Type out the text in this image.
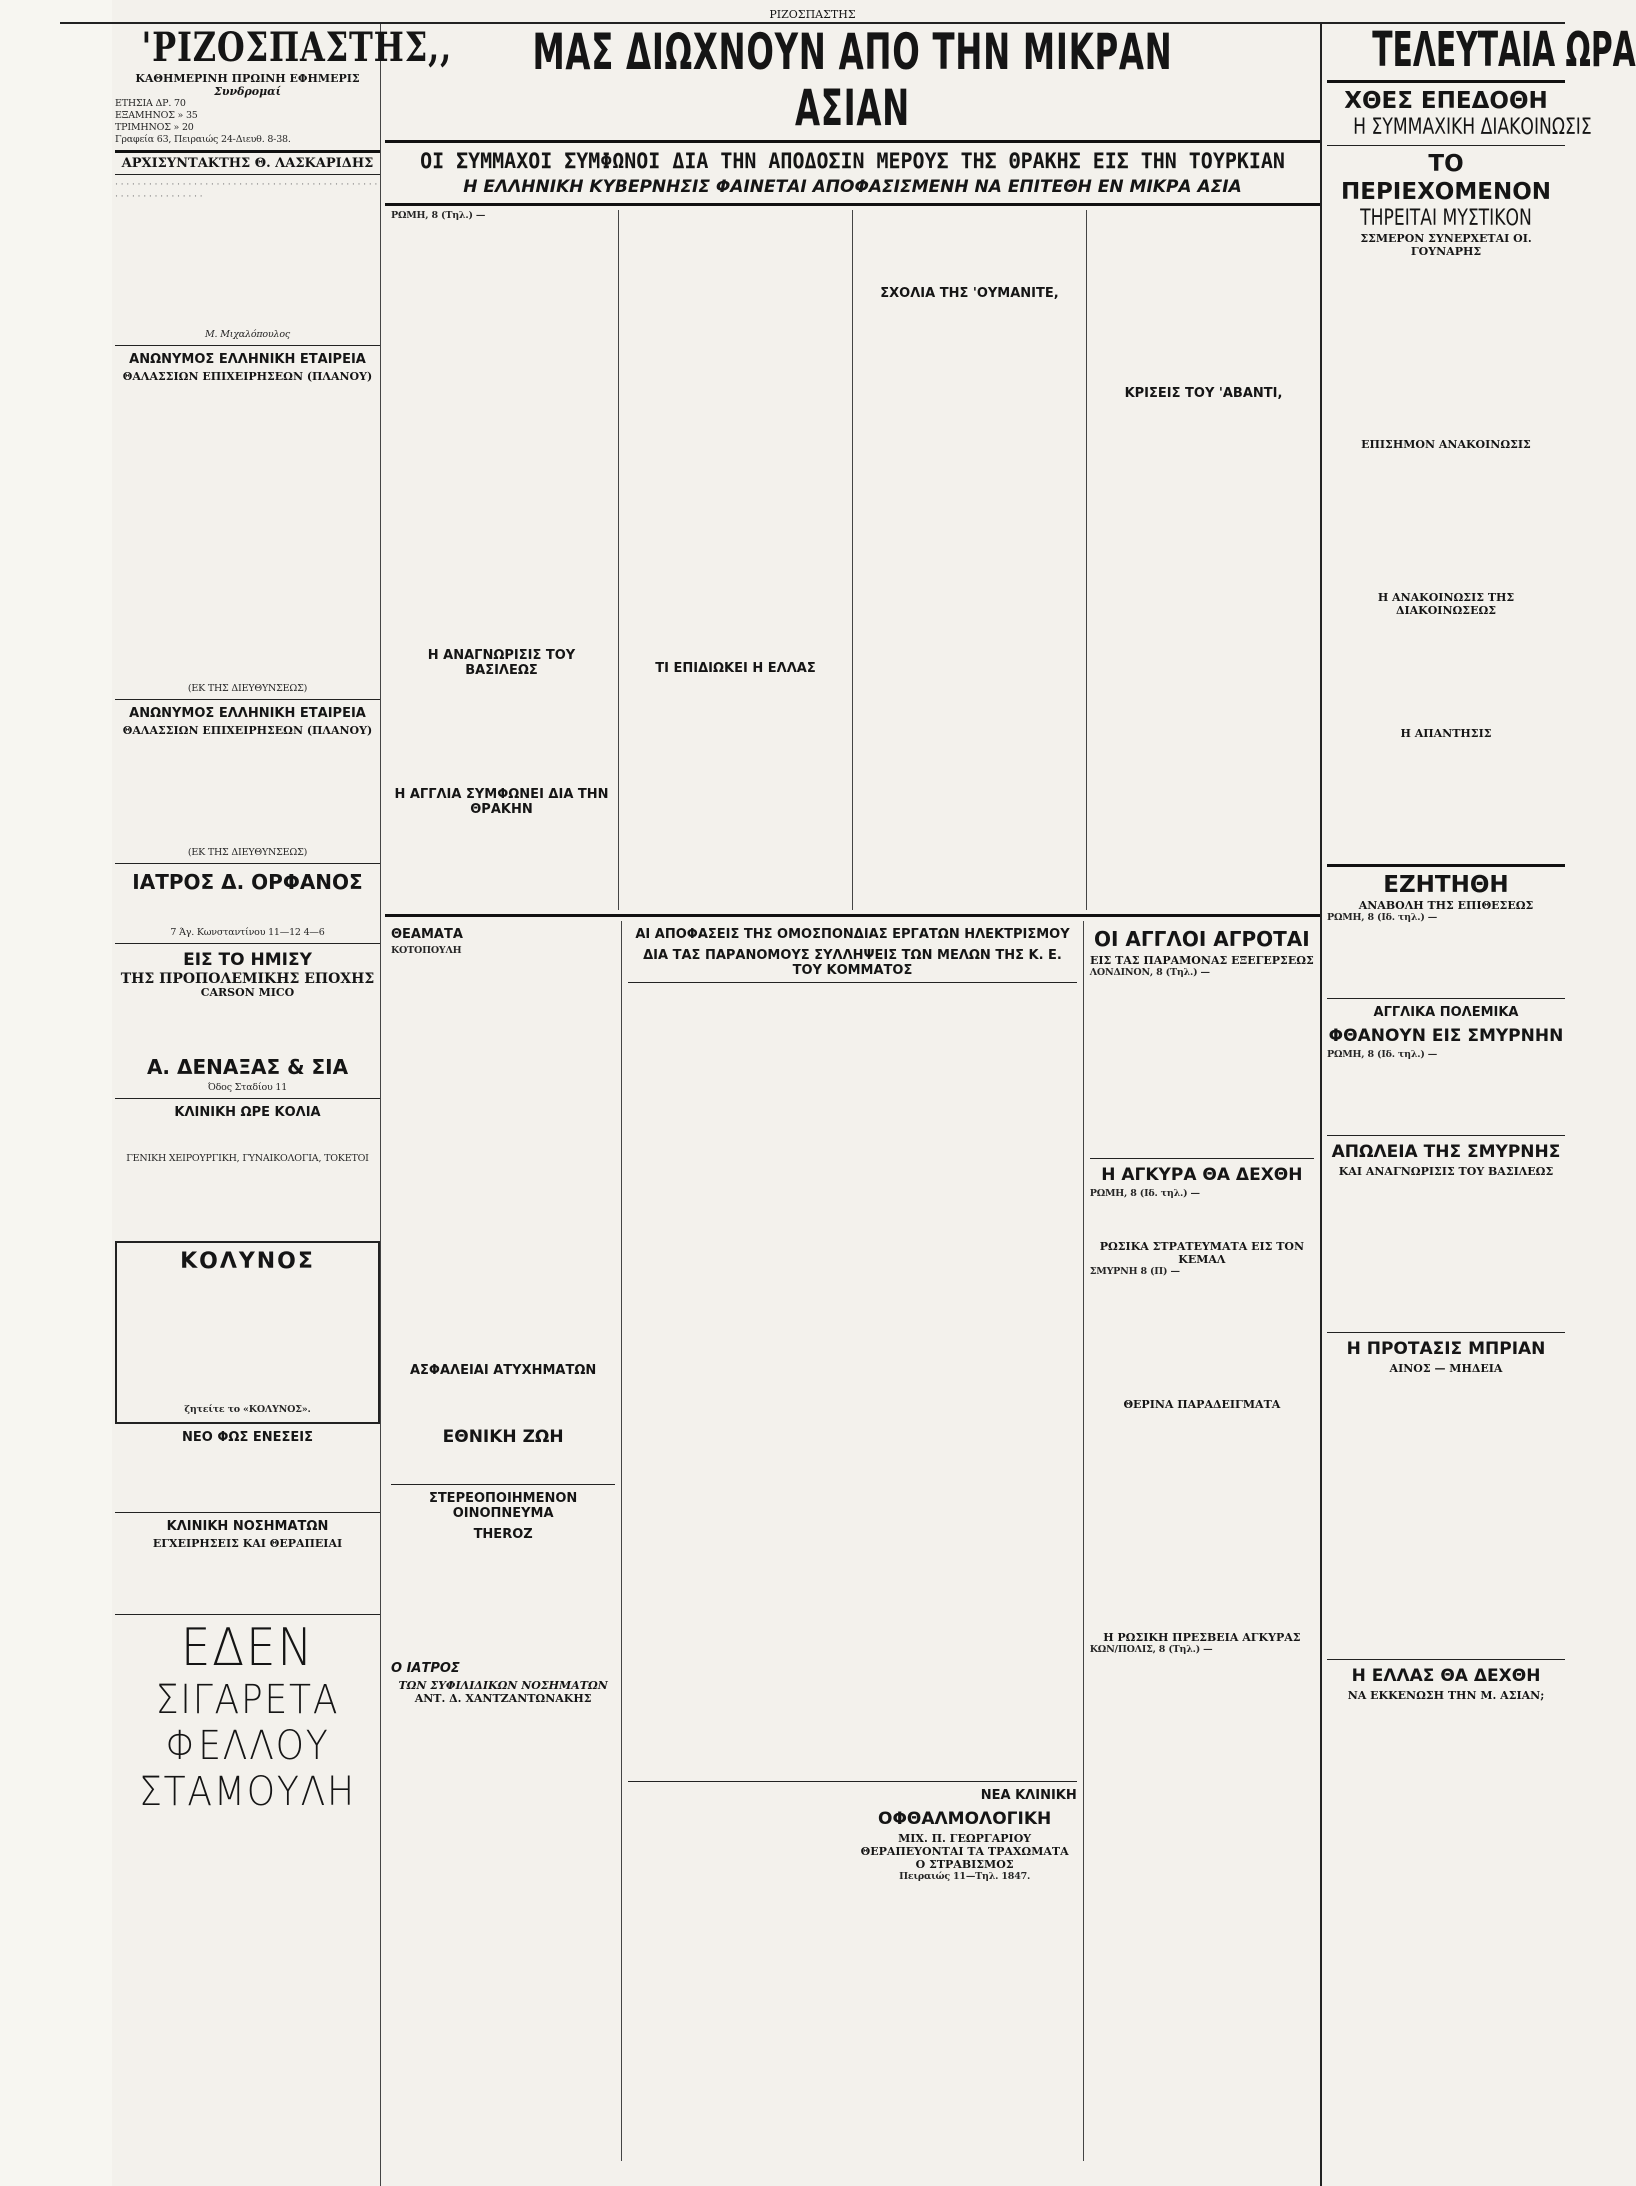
ΡΙΖΟΣΠΑΣΤΗΣ
'ΡΙΖΟΣΠΑΣΤΗΣ,,
ΚΑΘΗΜΕΡΙΝΗ ΠΡΩΙΝΗ ΕΦΗΜΕΡΙΣ
Συνδρομαί
ΕΤΗΣΙΑ ΔΡ. 70
ΕΞΑΜΗΝΟΣ » 35
ΤΡΙΜΗΝΟΣ » 20
Γραφεία 63, Πειραιώς 24-Διευθ. 8-38.
ΑΡΧΙΣΥΝΤΑΚΤΗΣ Θ. ΛΑΣΚΑΡΙΔΗΣ
· · · · · · · · · · · · · · · · · · · · · · · · · · · · · · · · · · · · · · · · · · · · · · · · · · · · · · · · · · · · · · ·
Μ. Μιχαλόπουλος
ΑΝΩΝΥΜΟΣ ΕΛΛΗΝΙΚΗ ΕΤΑΙΡΕΙΑ
ΘΑΛΑΣΣΙΩΝ ΕΠΙΧΕΙΡΗΣΕΩΝ (ΠΛΑΝΟΥ)
(ΕΚ ΤΗΣ ΔΙΕΥΘΥΝΣΕΩΣ)
ΑΝΩΝΥΜΟΣ ΕΛΛΗΝΙΚΗ ΕΤΑΙΡΕΙΑ
ΘΑΛΑΣΣΙΩΝ ΕΠΙΧΕΙΡΗΣΕΩΝ (ΠΛΑΝΟΥ)
(ΕΚ ΤΗΣ ΔΙΕΥΘΥΝΣΕΩΣ)
ΙΑΤΡΟΣ Δ. ΟΡΦΑΝΟΣ
7 Άγ. Κωνσταντίνου 11—12 4—6
ΕΙΣ ΤΟ ΗΜΙΣΥ
ΤΗΣ ΠΡΟΠΟΛΕΜΙΚΗΣ ΕΠΟΧΗΣ
CARSON MICO
Α. ΔΕΝΑΞΑΣ & ΣΙΑ
Όδος Σταδίου 11
ΚΛΙΝΙΚΗ ΩΡΕ ΚΟΛΙΑ
ΓΕΝΙΚΗ ΧΕΙΡΟΥΡΓΙΚΗ, ΓΥΝΑΙΚΟΛΟΓΙΑ, ΤΟΚΕΤΟΙ
ΚΟΛΥΝΟΣ
ζητείτε το «ΚΟΛΥΝΟΣ».
ΝΕΟ ΦΩΣ ΕΝΕΣΕΙΣ
ΚΛΙΝΙΚΗ ΝΟΣΗΜΑΤΩΝ
ΕΓΧΕΙΡΗΣΕΙΣ ΚΑΙ ΘΕΡΑΠΕΙΑΙ
ΕΔΕΝ
ΣΙΓΑΡΕΤΑ
ΦΕΛΛΟΥ
ΣΤΑΜΟΥΛΗ
ΜΑΣ ΔΙΩΧΝΟΥΝ ΑΠΟ ΤΗΝ ΜΙΚΡΑΝ ΑΣΙΑΝ
ΟΙ ΣΥΜΜΑΧΟΙ ΣΥΜΦΩΝΟΙ ΔΙΑ ΤΗΝ ΑΠΟΔΟΣΙΝ ΜΕΡΟΥΣ ΤΗΣ ΘΡΑΚΗΣ ΕΙΣ ΤΗΝ ΤΟΥΡΚΙΑΝ
Η ΕΛΛΗΝΙΚΗ ΚΥΒΕΡΝΗΣΙΣ ΦΑΙΝΕΤΑΙ ΑΠΟΦΑΣΙΣΜΕΝΗ ΝΑ ΕΠΙΤΕΘΗ ΕΝ ΜΙΚΡΑ ΑΣΙΑ
ΡΩΜΗ, 8 (Τηλ.) —
Η ΑΝΑΓΝΩΡΙΣΙΣ ΤΟΥ ΒΑΣΙΛΕΩΣ
Η ΑΓΓΛΙΑ ΣΥΜΦΩΝΕΙ ΔΙΑ ΤΗΝ ΘΡΑΚΗΝ
ΤΙ ΕΠΙΔΙΩΚΕΙ Η ΕΛΛΑΣ
ΣΧΟΛΙΑ ΤΗΣ 'ΟΥΜΑΝΙΤΕ,
ΚΡΙΣΕΙΣ ΤΟΥ 'ΑΒΑΝΤΙ,
ΘΕΑΜΑΤΑ
ΚΟΤΟΠΟΥΛΗ
ΑΣΦΑΛΕΙΑΙ ΑΤΥΧΗΜΑΤΩΝ
ΕΘΝΙΚΗ ΖΩΗ
ΣΤΕΡΕΟΠΟΙΗΜΕΝΟΝ ΟΙΝΟΠΝΕΥΜΑ
THEROZ
Ο ΙΑΤΡΟΣ
ΤΩΝ ΣΥΦΙΛΙΔΙΚΩΝ ΝΟΣΗΜΑΤΩΝ
ΑΝΤ. Δ. ΧΑΝΤΖΑΝΤΩΝΑΚΗΣ
ΑΙ ΑΠΟΦΑΣΕΙΣ ΤΗΣ ΟΜΟΣΠΟΝΔΙΑΣ ΕΡΓΑΤΩΝ ΗΛΕΚΤΡΙΣΜΟΥ
ΔΙΑ ΤΑΣ ΠΑΡΑΝΟΜΟΥΣ ΣΥΛΛΗΨΕΙΣ ΤΩΝ ΜΕΛΩΝ ΤΗΣ Κ. Ε. ΤΟΥ ΚΟΜΜΑΤΟΣ
ΝΕΑ ΚΛΙΝΙΚΗ
ΟΦΘΑΛΜΟΛΟΓΙΚΗ
ΜΙΧ. Π. ΓΕΩΡΓΑΡΙΟΥ
ΘΕΡΑΠΕΥΟΝΤΑΙ ΤΑ ΤΡΑΧΩΜΑΤΑ
Ο ΣΤΡΑΒΙΣΜΟΣ
Πειραιώς 11—Τηλ. 1847.
ΟΙ ΑΓΓΛΟΙ ΑΓΡΟΤΑΙ
ΕΙΣ ΤΑΣ ΠΑΡΑΜΟΝΑΣ ΕΞΕΓΕΡΣΕΩΣ
ΛΟΝΔΙΝΟΝ, 8 (Τηλ.) —
Η ΑΓΚΥΡΑ ΘΑ ΔΕΧΘΗ
ΡΩΜΗ, 8 (Ιδ. τηλ.) —
ΡΩΣΙΚΑ ΣΤΡΑΤΕΥΜΑΤΑ ΕΙΣ ΤΟΝ ΚΕΜΑΛ
ΣΜΥΡΝΗ 8 (Π) —
ΘΕΡΙΝΑ ΠΑΡΑΔΕΙΓΜΑΤΑ
Η ΡΩΣΙΚΗ ΠΡΕΣΒΕΙΑ ΑΓΚΥΡΑΣ
ΚΩΝ/ΠΟΛΙΣ, 8 (Τηλ.) —
ΤΕΛΕΥΤΑΙΑ ΩΡΑ
ΧΘΕΣ ΕΠΕΔΟΘΗ
Η ΣΥΜΜΑΧΙΚΗ ΔΙΑΚΟΙΝΩΣΙΣ
ΤΟ ΠΕΡΙΕΧΟΜΕΝΟΝ
ΤΗΡΕΙΤΑΙ ΜΥΣΤΙΚΟΝ
ΣΣΜΕΡΟΝ ΣΥΝΕΡΧΕΤΑΙ ΟΙ. ΓΟΥΝΑΡΗΣ
ΕΠΙΣΗΜΟΝ ΑΝΑΚΟΙΝΩΣΙΣ
Η ΑΝΑΚΟΙΝΩΣΙΣ ΤΗΣ ΔΙΑΚΟΙΝΩΣΕΩΣ
Η ΑΠΑΝΤΗΣΙΣ
ΕΖΗΤΗΘΗ
ΑΝΑΒΟΛΗ ΤΗΣ ΕΠΙΘΕΣΕΩΣ
ΡΩΜΗ, 8 (Ιδ. τηλ.) —
ΑΓΓΛΙΚΑ ΠΟΛΕΜΙΚΑ
ΦΘΑΝΟΥΝ ΕΙΣ ΣΜΥΡΝΗΝ
ΡΩΜΗ, 8 (Ιδ. τηλ.) —
ΑΠΩΛΕΙΑ ΤΗΣ ΣΜΥΡΝΗΣ
ΚΑΙ ΑΝΑΓΝΩΡΙΣΙΣ ΤΟΥ ΒΑΣΙΛΕΩΣ
Η ΠΡΟΤΑΣΙΣ ΜΠΡΙΑΝ
ΑΙΝΟΣ — ΜΗΔΕΙΑ
Η ΕΛΛΑΣ ΘΑ ΔΕΧΘΗ
ΝΑ ΕΚΚΕΝΩΣΗ ΤΗΝ Μ. ΑΣΙΑΝ;
